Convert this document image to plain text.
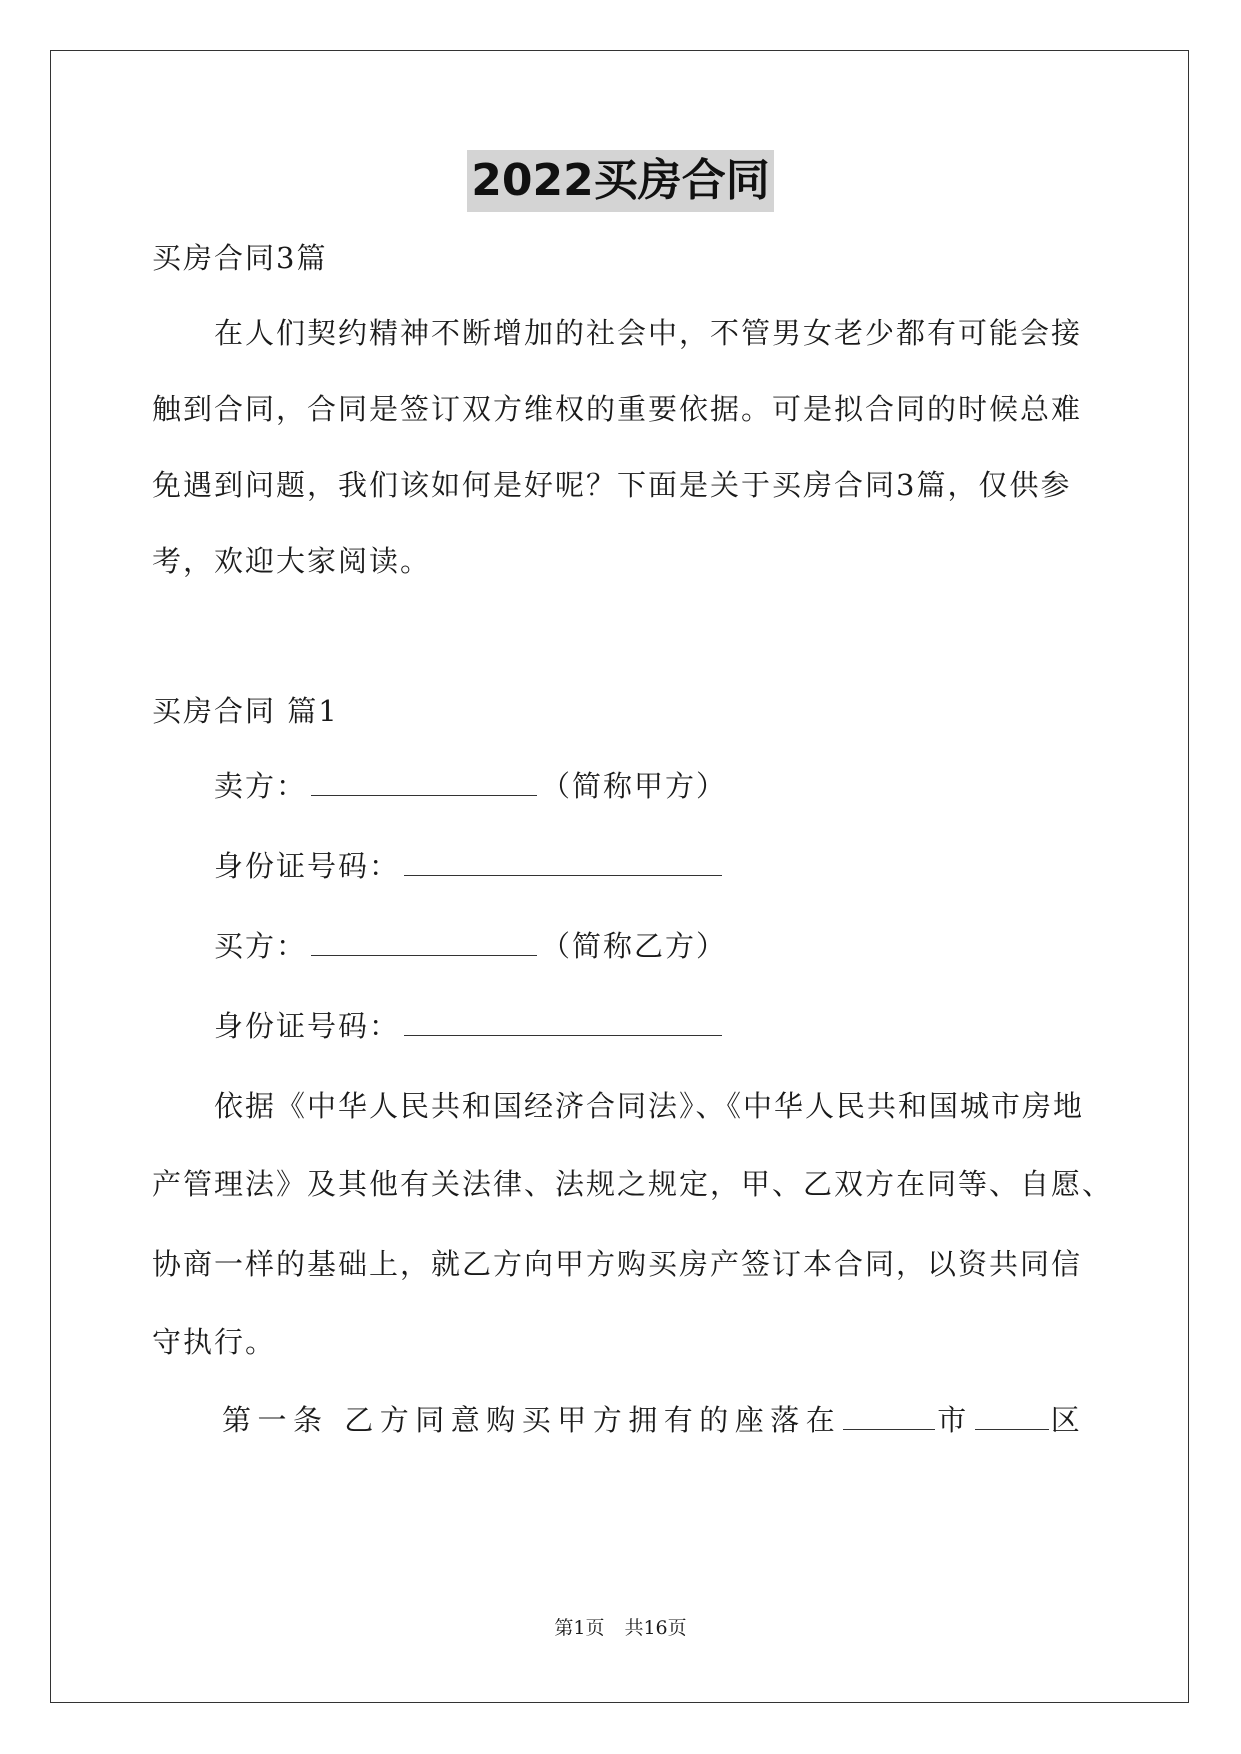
2022买房合同
买房合同3篇
在人们契约精神不断增加的社会中，不管男女老少都有可能会接
触到合同，合同是签订双方维权的重要依据。可是拟合同的时候总难
免遇到问题，我们该如何是好呢？下面是关于买房合同3篇，仅供参
考，欢迎大家阅读。
买房合同 篇1
卖方：	（简称甲方）
身份证号码：
买方：	（简称乙方）
身份证号码：
依据《中华人民共和国经济合同法》、《中华人民共和国城市房地
产管理法》及其他有关法律、法规之规定，甲、乙双方在同等、自愿、
协商一样的基础上，就乙方向甲方购买房产签订本合同，以资共同信
守执行。
第一条 乙方同意购买甲方拥有的座落在	市	区
第1页 共16页
